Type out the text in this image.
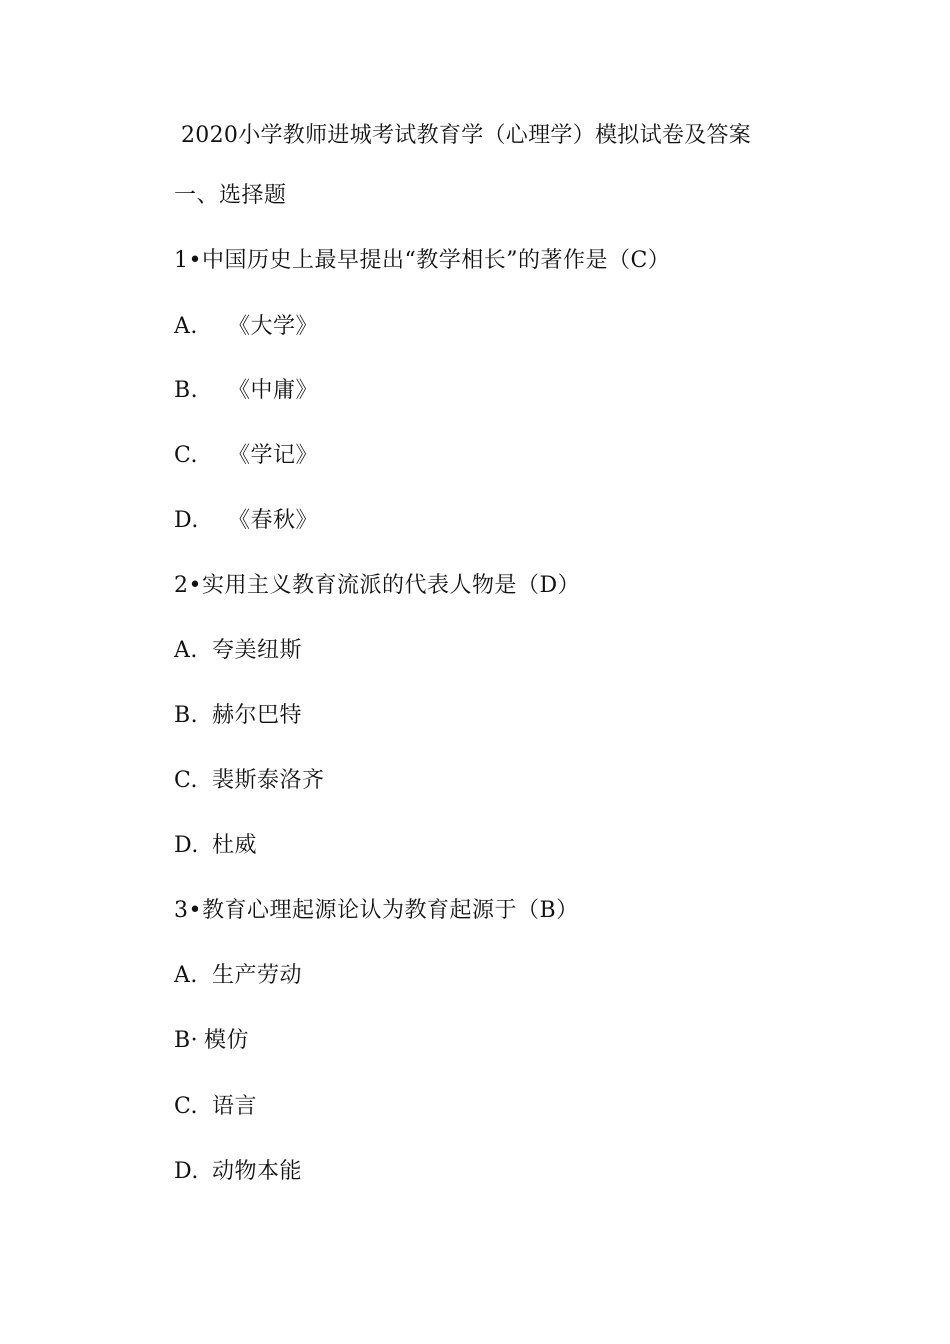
2020小学教师进城考试教育学（心理学）模拟试卷及答案
一、选择题
1•中国历史上最早提出“教学相长”的著作是（C）
A. 《大学》
B. 《中庸》
C. 《学记》
D. 《春秋》
2•实用主义教育流派的代表人物是（D）
A. 夸美纽斯
B. 赫尔巴特
C. 裴斯泰洛齐
D. 杜威
3•教育心理起源论认为教育起源于（B）
A. 生产劳动
B· 模仿
C. 语言
D. 动物本能
